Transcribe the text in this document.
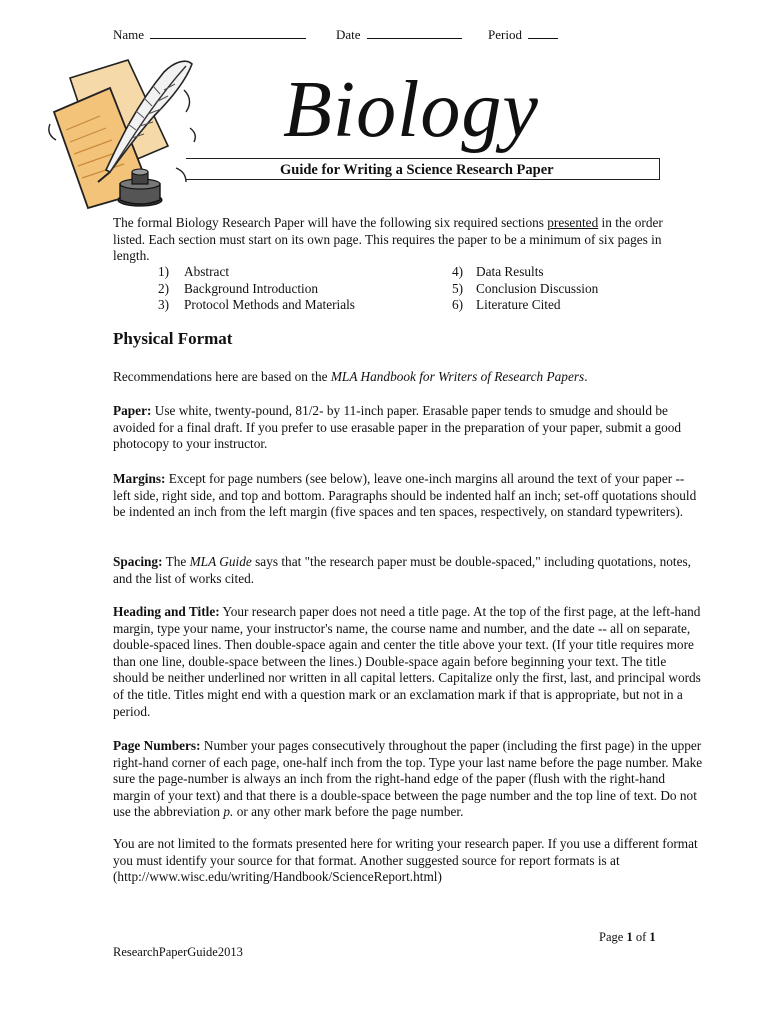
Name	Date	Period
Biology
Guide for Writing a Science Research Paper
The formal Biology Research Paper will have the following six required sections presented in the order listed. Each section must start on its own page. This requires the paper to be a minimum of six pages in length.
1) Abstract
2) Background Introduction
3) Protocol Methods and Materials
4) Data Results
5) Conclusion Discussion
6) Literature Cited
Physical Format
Recommendations here are based on the MLA Handbook for Writers of Research Papers.
Paper: Use white, twenty-pound, 81/2- by 11-inch paper. Erasable paper tends to smudge and should be avoided for a final draft. If you prefer to use erasable paper in the preparation of your paper, submit a good photocopy to your instructor.
Margins: Except for page numbers (see below), leave one-inch margins all around the text of your paper -- left side, right side, and top and bottom. Paragraphs should be indented half an inch; set-off quotations should be indented an inch from the left margin (five spaces and ten spaces, respectively, on standard typewriters).
Spacing: The MLA Guide says that "the research paper must be double-spaced," including quotations, notes, and the list of works cited.
Heading and Title: Your research paper does not need a title page. At the top of the first page, at the left-hand margin, type your name, your instructor's name, the course name and number, and the date -- all on separate, double-spaced lines. Then double-space again and center the title above your text. (If your title requires more than one line, double-space between the lines.) Double-space again before beginning your text. The title should be neither underlined nor written in all capital letters. Capitalize only the first, last, and principal words of the title. Titles might end with a question mark or an exclamation mark if that is appropriate, but not in a period.
Page Numbers: Number your pages consecutively throughout the paper (including the first page) in the upper right-hand corner of each page, one-half inch from the top. Type your last name before the page number. Make sure the page-number is always an inch from the right-hand edge of the paper (flush with the right-hand margin of your text) and that there is a double-space between the page number and the top line of text. Do not use the abbreviation p. or any other mark before the page number.
You are not limited to the formats presented here for writing your research paper. If you use a different format you must identify your source for that format. Another suggested source for report formats is at (http://www.wisc.edu/writing/Handbook/ScienceReport.html)
Page 1 of 1
ResearchPaperGuide2013
